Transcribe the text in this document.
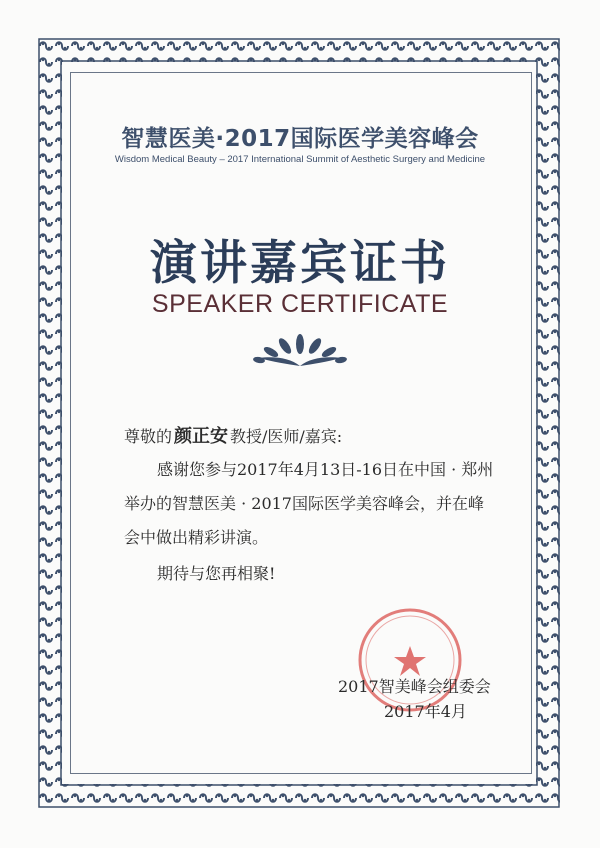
智慧医美·2017国际医学美容峰会
Wisdom Medical Beauty – 2017 International Summit of Aesthetic Surgery and Medicine
演讲嘉宾证书
SPEAKER CERTIFICATE
尊敬的 颜正安 教授/医师/嘉宾:
感谢您参与2017年4月13日-16日在中国 · 郑州
举办的智慧医美 · 2017国际医学美容峰会，并在峰
会中做出精彩讲演。
期待与您再相聚!
2017智美峰会组委会
2017年4月
